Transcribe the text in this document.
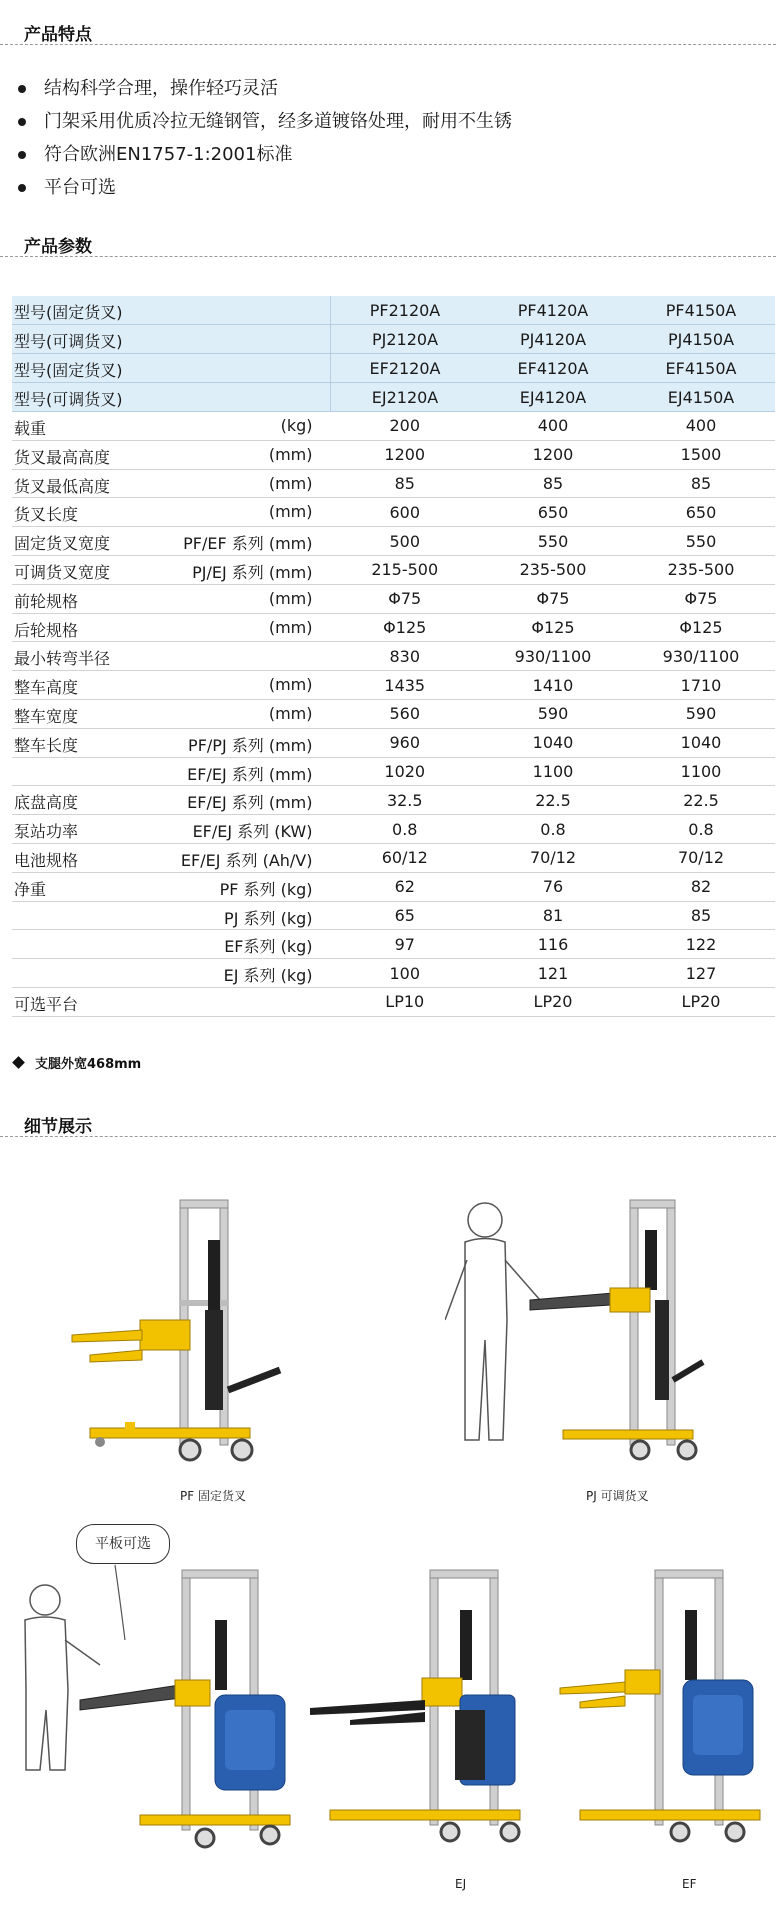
产品特点
结构科学合理，操作轻巧灵活
门架采用优质冷拉无缝钢管，经多道镀铬处理，耐用不生锈
符合欧洲EN1757-1:2001标准
平台可选
产品参数
型号(固定货叉)	PF2120A	PF4120A	PF4150A

型号(可调货叉)	PJ2120A	PJ4120A	PJ4150A

型号(固定货叉)	EF2120A	EF4120A	EF4150A

型号(可调货叉)	EJ2120A	EJ4120A	EJ4150A

载重 (kg)	200	400	400

货叉最高高度 (mm)	1200	1200	1500

货叉最低高度 (mm)	85	85	85

货叉长度 (mm)	600	650	650

固定货叉宽度 PF/EF 系列 (mm)	500	550	550

可调货叉宽度 PJ/EJ 系列 (mm)	215-500	235-500	235-500

前轮规格 (mm)	Φ75	Φ75	Φ75

后轮规格 (mm)	Φ125	Φ125	Φ125

最小转弯半径	830	930/1100	930/1100

整车高度 (mm)	1435	1410	1710

整车宽度 (mm)	560	590	590

整车长度 PF/PJ 系列 (mm)	960	1040	1040

EF/EJ 系列 (mm)	1020	1100	1100

底盘高度 EF/EJ 系列 (mm)	32.5	22.5	22.5

泵站功率 EF/EJ 系列 (KW)	0.8	0.8	0.8

电池规格 EF/EJ 系列 (Ah/V)	60/12	70/12	70/12

净重 PF 系列 (kg)	62	76	82

PJ 系列 (kg)	65	81	85

EF系列 (kg)	97	116	122

EJ 系列 (kg)	100	121	127

可选平台	LP10	LP20	LP20
支腿外宽468mm
细节展示
PF 固定货叉	PJ 可调货叉
平板可选
EJ	EF
